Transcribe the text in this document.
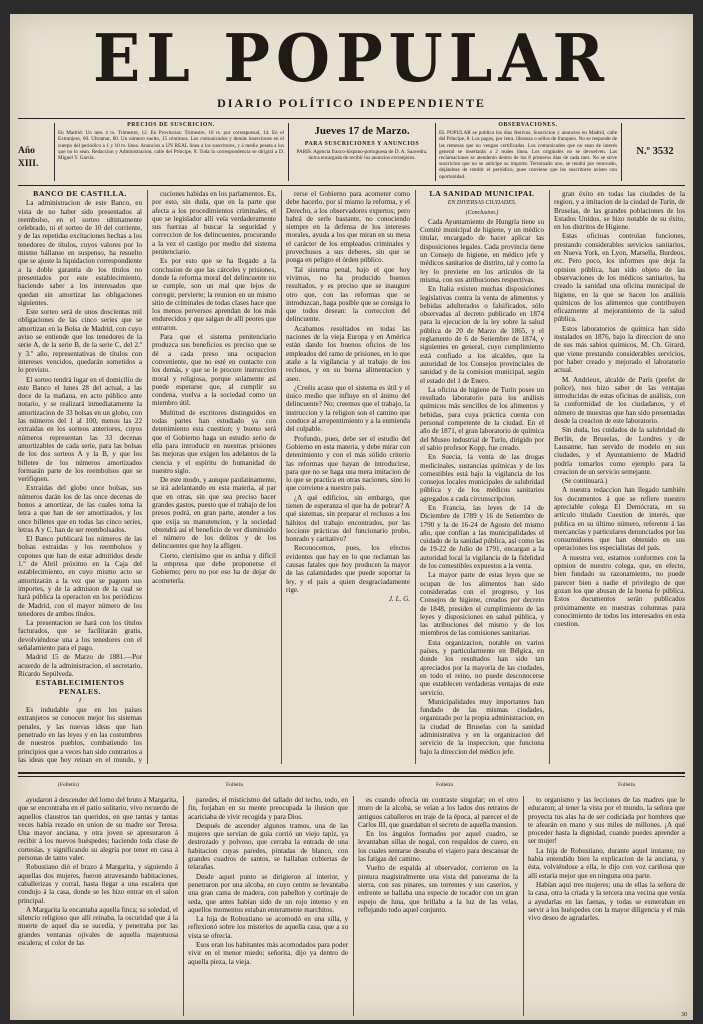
EL POPULAR
DIARIO POLÍTICO INDEPENDIENTE
Año XIII.
PRECIOS DE SUSCRICION.
En Madrid: Un mes 4 rs. Trimestre, 12. En Provincias: Trimestre, 16 rs. por corresponsal, 14. En el Extranjero, 60. Ultramar, 80. Un número suelto, 15 céntimos. Los comunicados y demás inserciones en el cuerpo del periódico a 1 y 10 rs. línea. Anuncios a UN REAL línea a los suscritores, y á medio peseta a los que no lo sean. Redaccion y Administracion, calle del Príncipe, 8. Toda la correspondencia se dirigirá a D. Miguel Y. García.
Jueves 17 de Marzo.
PARA SUSCRICIONES Y ANUNCIOS
PARIS. Agencia franco-hispano-portuguesa de D. A. Saavedra, única encargada de recibir los anuncios extranjeros.
OBSERVACIONES.
EL POPULAR se publica los días festivos. Suscricion y anuncios en Madrid, calle del Príncipe, 8. Los pagos, por letra, libranza o sellos de franqueo. No se responde de las remesas que no vengan certificadas. Los comunicados que no sean de interés general se insertarán a 2 reales línea. Los originales no se devuelven. Las reclamaciones se atenderán dentro de los 8 primeros días de cada mes. No se sirve suscricion que no se anticipe su importe. Terminado uno, se tendrá por renovado, dejándose de remitir el periódico, pues conviene que los suscritores avisen con oportunidad.
N.º 3532

BANCO DE CASTILLA.

La administracion de este Banco, en vista de no haber sido presentados al reembolso, en el sorteo ultimamente celebrado, ni el sorteo de 10 del corriente, y de las repetidas excitaciones hechas a los tenedores de títulos, cuyos valores por lo mismo hállanse en suspenso, ha resuelto que se ajuste la liquidacion correspondiente a la doble garantia de los títulos no presentados por este establecimiento, haciendo saber a los interesados que quedan sin amortizar las obligaciones siguientes.

Este sorteo será de unos doscientas mil obligaciones de las cinco series que se amortizan en la Bolsa de Madrid, con cuyo aviso se entiende que los tenedores de la serie A, de la serie B, de la serie C, del 2.º y 3.º año, representativas de títulos con intereses vencidos, quedarán sometidos a lo previsto.

El sorteo tendrá lugar en el domicilio de este Banco el lunes 28 del actual, a las doce de la mañana, en acto público ante notario, y se realizará inmediatamente la amortizacion de 33 bolsas en un globo, con las números del 1 al 100, menos las 22 extraidas en los sorteos anteriores, cuyos números representan las 33 decenas amortizables de cada serie, para las bolsas de los dos sorteos A y la B, y que los billetes de los números amortizados formarán parte de los reembolsos que se verifiquen.

Extraídas del globo once bolsas, sus números darán los de las once decenas de bonos a amortizar, de las cuales toma la letra a que han de ser amortizados, y los once billetes que en todas las cinco series, letras A y C, han de ser reembolsados.

El Banco publicará los números de las bolsas extraidas y los reembolsos y cupones que han de estar admitidos desde 1.º de Abril próximo en la Caja del establecimiento, en cuyo mismo acto se amortizarán a la vez que se paguen sus importes, y de la admision de la cual se hará pública la operacion en los periódicos de Madrid, con el mayor número de los tenedores de ambos títulos.

La presentacion se hará con los títulos facturados, que se facilitarán gratis, devolviéndose una a los tenedores con el señalamiento para el pago.

Madrid 15 de Marzo de 1881.—Por acuerdo de la administracion, el secretario, Ricardo Sepúlveda.

ESTABLECIMIENTOS PENALES.

I

Es indudable que en los países extranjeros se conocen mejor los sistemas penales, y las nuevas ideas que han penetrado en las leyes y en las costumbres de nuestros pueblos, combatiendo los principios que a veces han sido contrarios a las ideas que hoy reinan en el mundo, y

cuciones habidas en los parlamentos. Es, por esto, sin duda, que en la parte que afecta a los procedimientos criminales, el que se legislador allí veía verdaderamente sus fuerzas al buscar la seguridad y correccion de los delincuentes, procurando a la vez el castigo por medio del sistema penitenciario.

Es por esto que se ha llegado a la conclusion de que las cárceles y prisiones, donde la reforma moral del delincuente no se cumple, son un mal que lejos de corregir, pervierte; la reunion en un mismo sitio de criminales de todas clases hace que los menos perversos aprendan de los más endurecidos y que salgan de allí peores que entraron.

Para que el sistema penitenciario produzca sus beneficios es preciso que se dé a cada preso una ocupacion conveniente, que no esté en contacto con los demás, y que se le procure instruccion moral y religiosa, porque solamente así puede esperarse que, al cumplir su condena, vuelva a la sociedad como un miembro útil.

Multitud de escritores distinguidos en todas partes han estudiado ya con detenimiento esta cuestion; y bueno será que el Gobierno haga un estudio serio de ella para introducir en nuestras prisiones las mejoras que exigen los adelantos de la ciencia y el espíritu de humanidad de nuestro siglo.

De este modo, y aunque paulatinamente, se irá adelantando en esta materia, al par que en otras, sin que sea preciso hacer grandes gastos, puesto que el trabajo de los presos podrá, en gran parte, atender a los que exija su manutencion, y la sociedad obtendrá así el beneficio de ver disminuido el número de los delitos y de los delincuentes que hoy la afligen.

Cierto, ciertísimo que es ardua y difícil la empresa que debe proponerse el Gobierno; pero no por eso ha de dejar de acometerla.

rerse el Gobierno para acometer como debe hacerlo, por sí mismo la reforma, y el Derecho, a los observadores expertos; pero habrá de serle bastante, no conociendo siempre en la defensa de los intereses morales, ayuda a los que miran en su mesa el carácter de los empleados criminales y provechosos a sus deberes, sin que se ponga en peligro el órden público.

Tal sistema penal, bajo el que hoy vivimos, no ha producido buenos resultados, y es preciso que se inaugure otro que, con las reformas que se introduzcan, haga posible que se consiga lo que todos desean: la correccion del delincuente.

Acabamos resultados en todas las naciones de la vieja Europa y en América están dando los buenos oficios de los empleados del ramo de prisiones, en lo que atañe a la vigilancia y al trabajo de los reclusos, y en su buena alimentacion y aseo.

¿Creéis acaso que el sistema es útil y el único medio que influye en el ánimo del delincuente? No; creemos que el trabajo, la instruccion y la religion son el camino que conduce al arrepentimiento y a la enmienda del culpable.

Profundo, pues, debe ser el estudio del Gobierno en esta materia, y debe mirar con detenimiento y con el más sólido criterio las reformas que hayan de introducirse, para que no se haga una mera imitacion de lo que se practica en otras naciones, sino lo que conviene a nuestro país.

¿A qué edificios, sin embargo, que tienen de esperanza el que ha de pobrar? A qué sistemas, sin preparar el reclusos a los hábitos del trabajo encontrados, por las leccione prácticas del funcionario probo, honrado y caritativo?

Reconocemos, pues, los efectos evidentes que hay en lo que reclaman las causas fatales que hoy producen la mayor de las calamidades que puede soportar la ley, y el país a quien desgraciadamente rige.

J. L. G.

LA SANIDAD MUNICIPAL

EN DIVERSAS CIUDADES.

(Conclusion.)

Cada Ayuntamiento de Hungría tiene su Comité municipal de higiene, y un médico titular, encargado de hacer aplicar las disposiciones legales. Cada provincia tiene un Consejo de higiene, en médico jefe y médicos sanitarios de distrito, tal y como la ley lo previene en los artículos de la misma, con sus atribuciones respectivas.

En Italia existen muchas disposiciones legislativas contra la venta de alimentos y bebidas adulterados o falsificados, sólo observadas al decreto publicado en 1874 para la ejecucion de la ley sobre la salud pública de 20 de Marzo de 1865, y el reglamento de 6 de Setiembre de 1874, y siguientes en general, cuyo cumplimiento está confiado a los alcaldes, que la autoridad de los Consejos provinciales de sanidad y de la comision municipal, según el estado del 1 de Enero.

La oficina de higiene de Turín posee un resultado laboratorio para los análisis químicos más sencillos de los alimentos y bebidas, para cuya práctica cuenta con personal competente de la ciudad. En el año de 1871, el gran laboratorio de química del Museo industrial de Turín, dirigido por el sabio profesor Kopp, fue creado.

En Suecia, la venta de las drogas medicinales, sustancias químicas y de los comestibles está bajo la vigilancia de los consejos locales municipales de salubridad pública y de los médicos sanitarios agregados a cada circunscripcion.

En Francia, las leyes de 14 de Diciembre de 1789 y 16 de Setiembre de 1790 y la de 16-24 de Agosto del mismo año, que confían a las municipalidades el cuidado de la sanidad pública, así como las de 19-22 de Julio de 1791, encargan a la autoridad local la vigilancia de la fidelidad de los comestibles expuestos a la venta.

La mayor parte de estas leyes que se ocupan de los alimentos han sido consideradas con el progreso, y los Consejos de higiene, creados por decreto de 1848, presiden el cumplimiento de las leyes y disposiciones en salud pública, y las atribuciones del mismo y de los miembros de las comisiones sanitarias.

Esta organizacion, notable en varios países, y particularmente en Bélgica, en donde los resultados han sido tan apreciados por la mayoría de las ciudades, en todo el reino, no puede desconocerse que establecen verdaderas ventajas de este servicio.

Municipalidades muy importantes han fundado de las mismas ciudades, organizado por la propia administracion, en la ciudad de Bruselas con la sanidad administrativa y en la organizacion del servicio de la inspeccion, que funciona bajo la direccion del médico jefe.

gran éxito en todas las ciudades de la region, y a imitacion de la ciudad de Turín, de Bruselas, de las grandes poblaciones de los Estados Unidos, se hizo notable de su éxito, en los distritos de Higiene.

Estas oficinas controlan funciones, prestando considerables servicios sanitarios, en Nueva York, en Lyon, Marsella, Burdeos, etc. Pero poco, los informes que deja la opinion pública, han sido objeto de las observaciones de los médicos sanitarios, ha creado la sanidad una oficina municipal de higiene, en la que se hacen los análisis químicos de los alimentos que contribuyen eficazmente al mejoramiento de la salud pública.

Estos laboratorios de química han sido instalados en 1876, bajo la direccion de uno de sus más sabios químicos, M. Ch. Girard, que viene prestando considerables servicios, por haber creado y mejorado el laboratorio actual.

M. Andrieux, alcalde de París (prefet de police), nos hizo saber de las ventajas introducidas de estas oficinas de análisis, con la conformidad de los ciudadanos, y el número de muestras que han sido presentadas desde la creacion de este laboratorio.

Sin duda, los cuidados de la salubridad de Berlín, de Bruselas, de Londres y de Lausanne, han servido de modelo en sus ciudades, y el Ayuntamiento de Madrid podría tomarlos como ejemplo para la creacion de un servicio semejante.

(Se continuará.)

A nuestra redaccion han llegado también los documentos á que se refiere nuestro apreciable colega El Demócrata, en su artículo titulado Cuestion de interés, que publica en su último número, referente á las mercancías y particulares denunciados por los consumidores que han obtenido en sus operaciones los especialistas del país.

A nuestra vez, estamos conformes con la opinion de nuestro colega, que, en efecto, bien fundado su razonamiento, no puede parecer bien a nadie el privilegio de que gozan los que abusan de la buena fe pública. Estos documentos serán publicados próximamente en nuestras columnas para conocimiento de todos los interesados en esta cuestion.

(Folletín)	Folletín	Folletín	Folletín

ayudaron á descender del lomo del bruto á Margarita, que se encontraba en el patio solitario, vivo recuerdo de aquellos claustros tan queridos, en que tantas y tantas veces había rezado en union de su madre sor Teresa. Una mayor anciana, y otra joven se apresuraron á recibir á los nuevos huéspedes; haciendo toda clase de cortesías, y significando su alegría por tener en casa á personas de tanto valer.

Robustiano dió el brazo á Margarita, y siguiendo á aquellas dos mujeres, fueron atravesando habitaciones, caballerizas y corral, hasta llegar a una escalera que condujo á la casa, donde se les hizo entrar en el salon principal.

A Margarita la encantaba aquella finca; su soledad, el silencio religioso que allí reinaba, la oscuridad que á la muerte de aquel día se sucedía, y penetraba por las grandes ventanas ojivales de aquella majestuosa escalera; el color de las

paredes, el misticismo del tallado del techo, todo, en fin, forjaban en su mente preocupada la ilusion que acariciaba de vivir recogida y para Dios.

Después de ascender algunos tramos, una de las mujeres que servían de guía corrió un viejo tapiz, ya destrozado y polvoso, que cerraba la entrada de una habitacion cuyas paredes, pintadas de blanco, con grandes cuadros de santos, se hallaban cubiertas de telarañas.

Desde aquel punto se dirigieron al interior, y penetraron por una alcoba, en cuyo centro se levantaba una gran cama de madera, con pabellon y cortinaje de seda, que antes habían sido de un rojo intenso y en aquellos momentos estaban enteramente marchitos.

La hija de Robustiano se acomodó en una silla, y reflexionó sobre los misterios de aquella casa, que a su vista se ofrecía.

Esos eran los habitantes más acomodados para poder vivir en el menor miedo; señorita, dijo ya dentro de aquella pieza, la vieja.

es cuando ofrecía un contraste singular; en el otro muro de la alcoba, se veían a los lados dos retratos de antiguos caballeros en traje de la época, al parecer el de Carlos III, que guardaban el secreto de aquella mansion.

En los ángulos formados por aquel cuadro, se levantaban sillas de nogal, con respaldos de cuero, en los cuales sentarse deseaba el viajero para descansar de las fatigas del camino.

Vuelto de espalda al observador, corrieron en la pintura magistralmente una vista del panorama de la sierra, con sus pinares, sus torrentes y sus caseríos, y enfrente se hallaba una especie de tocador con un gran espejo de luna, que brillaba a la luz de las velas, reflejando todo aquel conjunto.

to organismo y las lecciones de las madres que le educaron; al tener la vista por el mundo, la señora que proyecta tus alas ha de ser codiciada por hombres que te afearán en mano y sus miles de millones. ¡A qué proceder hasta la dignidad, cuando puedes aprender a ser mujer!

La hija de Robustiano, durante aquel instante, no había entendido bien la explicacion de la anciana, y ésta, volviéndose a ella, le dijo con voz cariñosa que allí estaría mejor que en ninguna otra parte.

Habían aquí tres mujeres; una de ellas la señora de la casa, otra la criada y la tercera una vecina que venía a ayudarlas en las faenas, y todas se esmeraban en servir a los huéspedes con la mayor diligencia y el más vivo deseo de agradarles.

30
